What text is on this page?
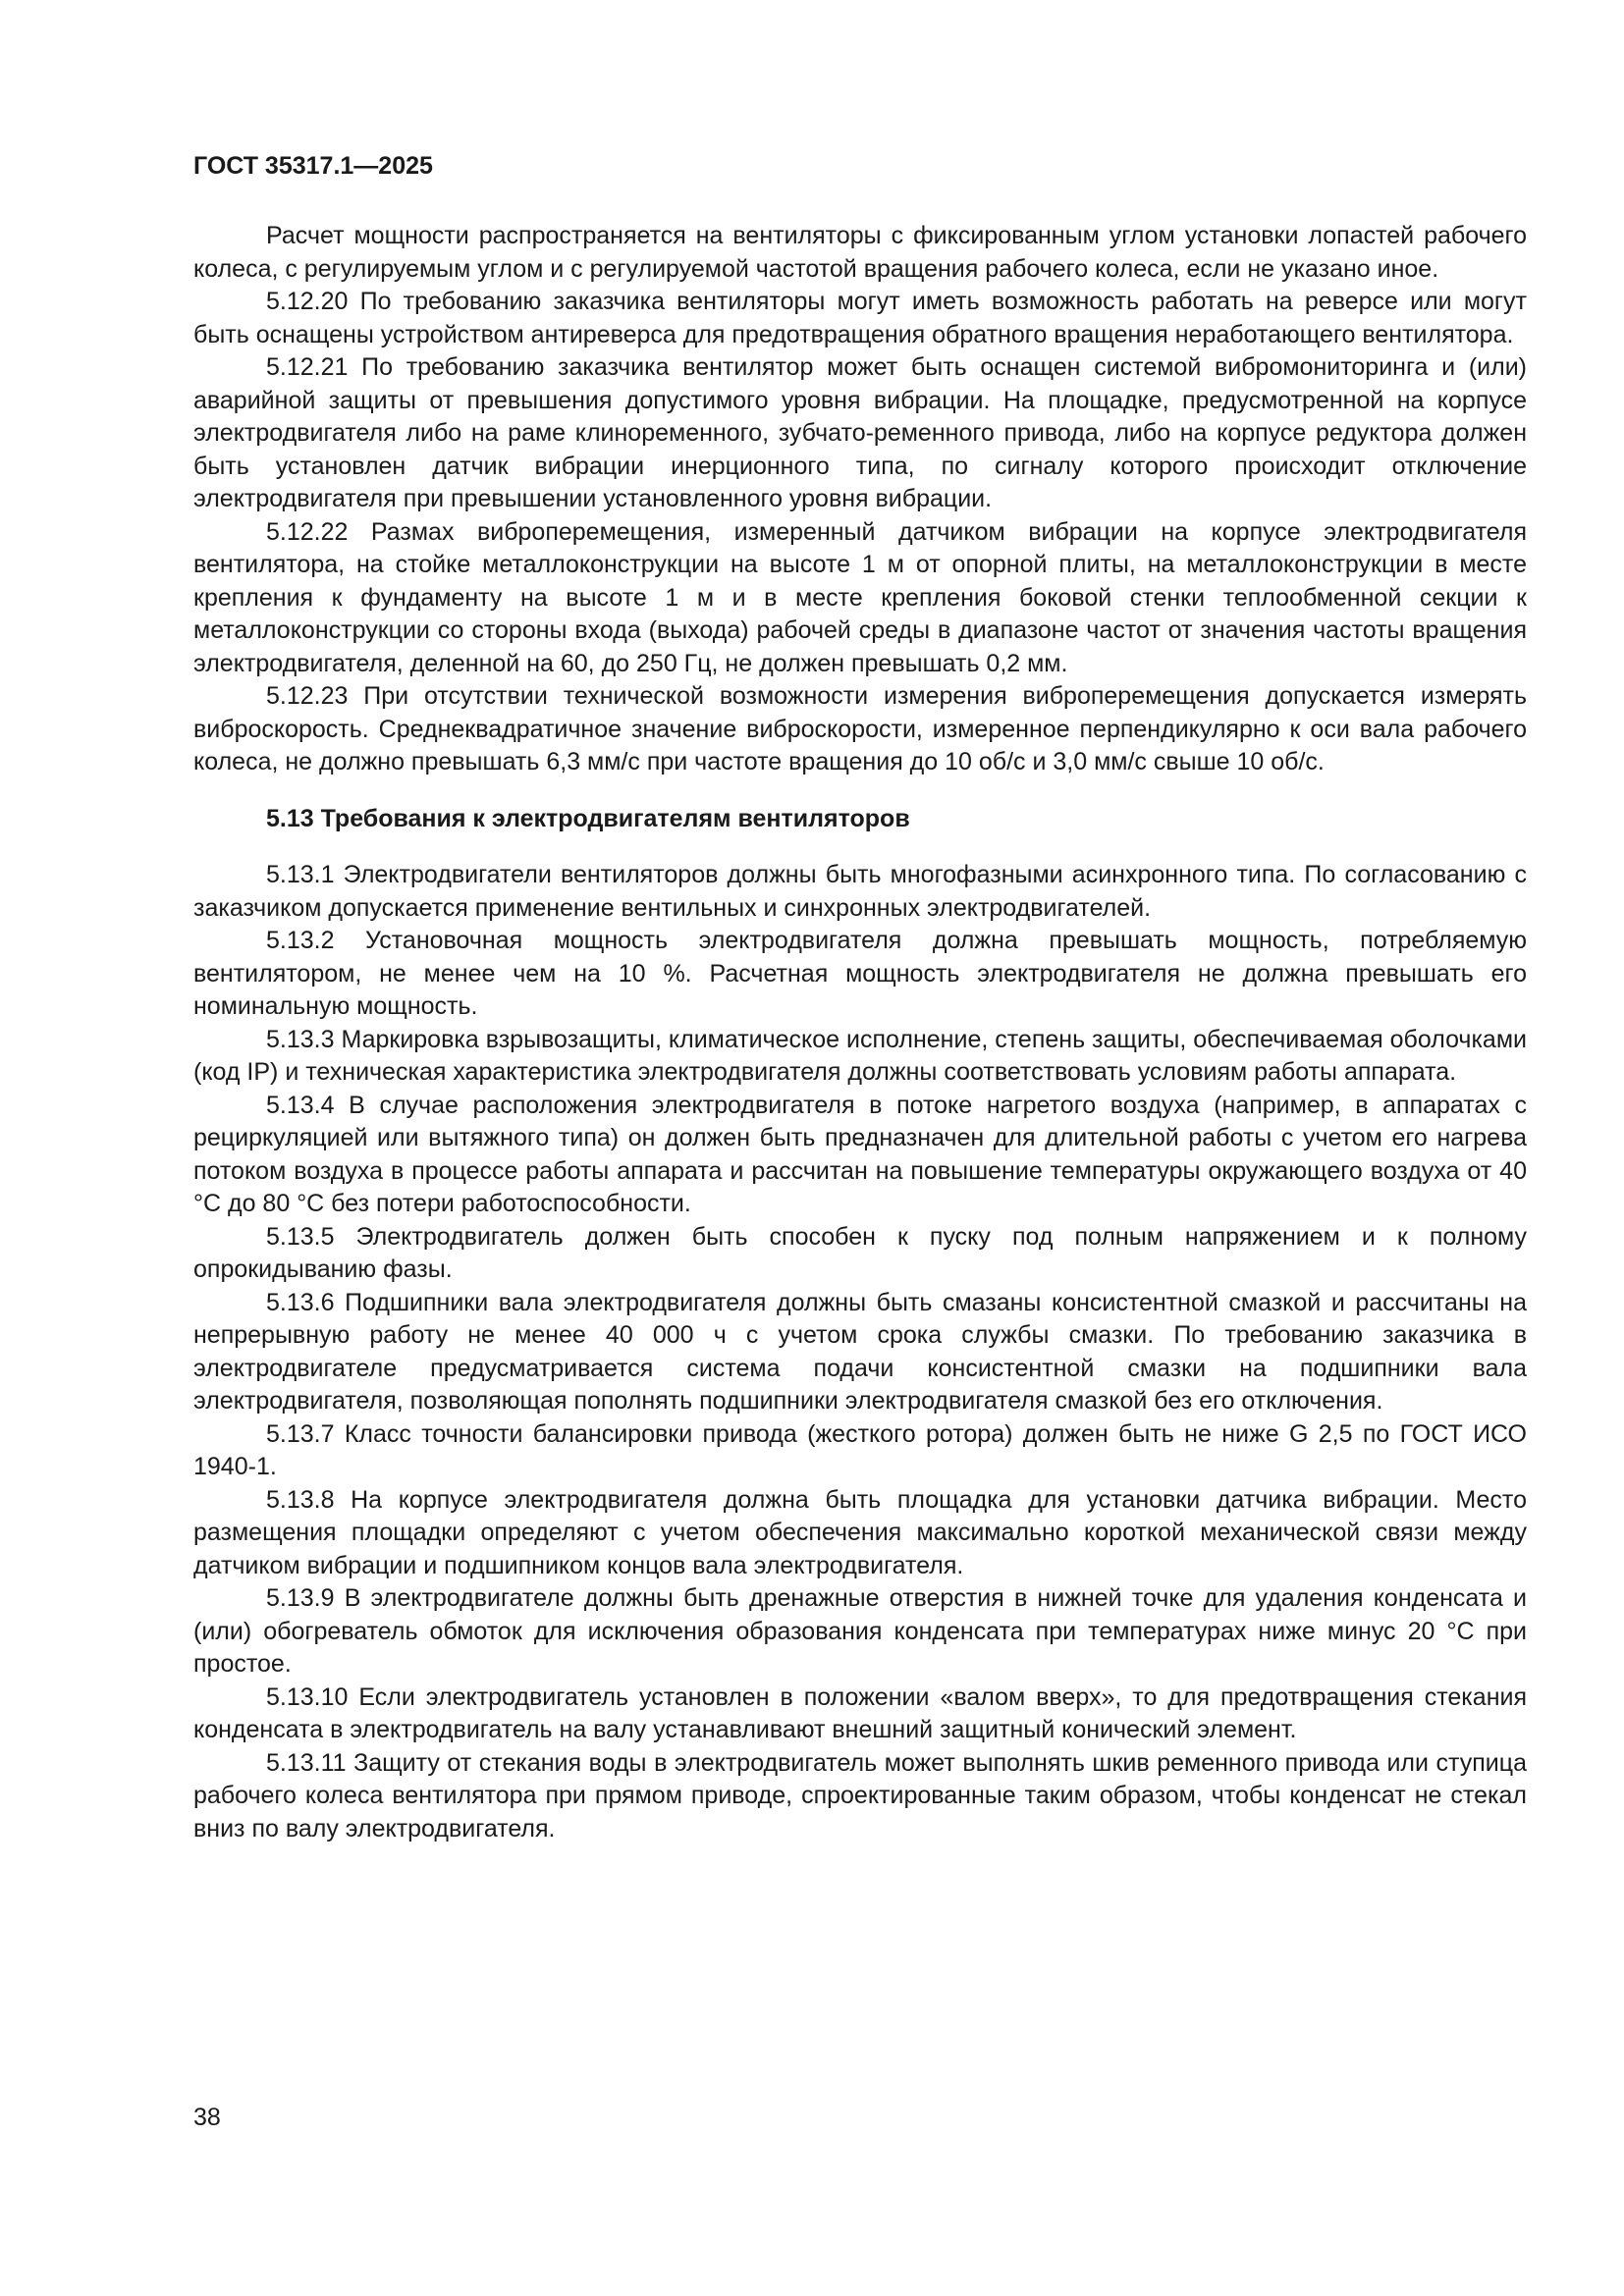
ГОСТ 35317.1—2025

Расчет мощности распространяется на вентиляторы с фиксированным углом установки лопастей рабочего колеса, с регулируемым углом и с регулируемой частотой вращения рабочего колеса, если не указано иное.

5.12.20 По требованию заказчика вентиляторы могут иметь возможность работать на реверсе или могут быть оснащены устройством антиреверса для предотвращения обратного вращения неработающего вентилятора.

5.12.21 По требованию заказчика вентилятор может быть оснащен системой вибромониторинга и (или) аварийной защиты от превышения допустимого уровня вибрации. На площадке, предусмотренной на корпусе электродвигателя либо на раме клиноременного, зубчато-ременного привода, либо на корпусе редуктора должен быть установлен датчик вибрации инерционного типа, по сигналу которого происходит отключение электродвигателя при превышении установленного уровня вибрации.

5.12.22 Размах виброперемещения, измеренный датчиком вибрации на корпусе электродвигателя вентилятора, на стойке металлоконструкции на высоте 1 м от опорной плиты, на металлоконструкции в месте крепления к фундаменту на высоте 1 м и в месте крепления боковой стенки теплообменной секции к металлоконструкции со стороны входа (выхода) рабочей среды в диапазоне частот от значения частоты вращения электродвигателя, деленной на 60, до 250 Гц, не должен превышать 0,2 мм.

5.12.23 При отсутствии технической возможности измерения виброперемещения допускается измерять виброскорость. Среднеквадратичное значение виброскорости, измеренное перпендикулярно к оси вала рабочего колеса, не должно превышать 6,3 мм/с при частоте вращения до 10 об/с и 3,0 мм/с свыше 10 об/с.

5.13 Требования к электродвигателям вентиляторов

5.13.1 Электродвигатели вентиляторов должны быть многофазными асинхронного типа. По согласованию с заказчиком допускается применение вентильных и синхронных электродвигателей.

5.13.2 Установочная мощность электродвигателя должна превышать мощность, потребляемую вентилятором, не менее чем на 10 %. Расчетная мощность электродвигателя не должна превышать его номинальную мощность.

5.13.3 Маркировка взрывозащиты, климатическое исполнение, степень защиты, обеспечиваемая оболочками (код IP) и техническая характеристика электродвигателя должны соответствовать условиям работы аппарата.

5.13.4 В случае расположения электродвигателя в потоке нагретого воздуха (например, в аппаратах с рециркуляцией или вытяжного типа) он должен быть предназначен для длительной работы с учетом его нагрева потоком воздуха в процессе работы аппарата и рассчитан на повышение температуры окружающего воздуха от 40 °C до 80 °C без потери работоспособности.

5.13.5 Электродвигатель должен быть способен к пуску под полным напряжением и к полному опрокидыванию фазы.

5.13.6 Подшипники вала электродвигателя должны быть смазаны консистентной смазкой и рассчитаны на непрерывную работу не менее 40 000 ч с учетом срока службы смазки. По требованию заказчика в электродвигателе предусматривается система подачи консистентной смазки на подшипники вала электродвигателя, позволяющая пополнять подшипники электродвигателя смазкой без его отключения.

5.13.7 Класс точности балансировки привода (жесткого ротора) должен быть не ниже G 2,5 по ГОСТ ИСО 1940-1.

5.13.8 На корпусе электродвигателя должна быть площадка для установки датчика вибрации. Место размещения площадки определяют с учетом обеспечения максимально короткой механической связи между датчиком вибрации и подшипником концов вала электродвигателя.

5.13.9 В электродвигателе должны быть дренажные отверстия в нижней точке для удаления конденсата и (или) обогреватель обмоток для исключения образования конденсата при температурах ниже минус 20 °C при простое.

5.13.10 Если электродвигатель установлен в положении «валом вверх», то для предотвращения стекания конденсата в электродвигатель на валу устанавливают внешний защитный конический элемент.

5.13.11 Защиту от стекания воды в электродвигатель может выполнять шкив ременного привода или ступица рабочего колеса вентилятора при прямом приводе, спроектированные таким образом, чтобы конденсат не стекал вниз по валу электродвигателя.

38
